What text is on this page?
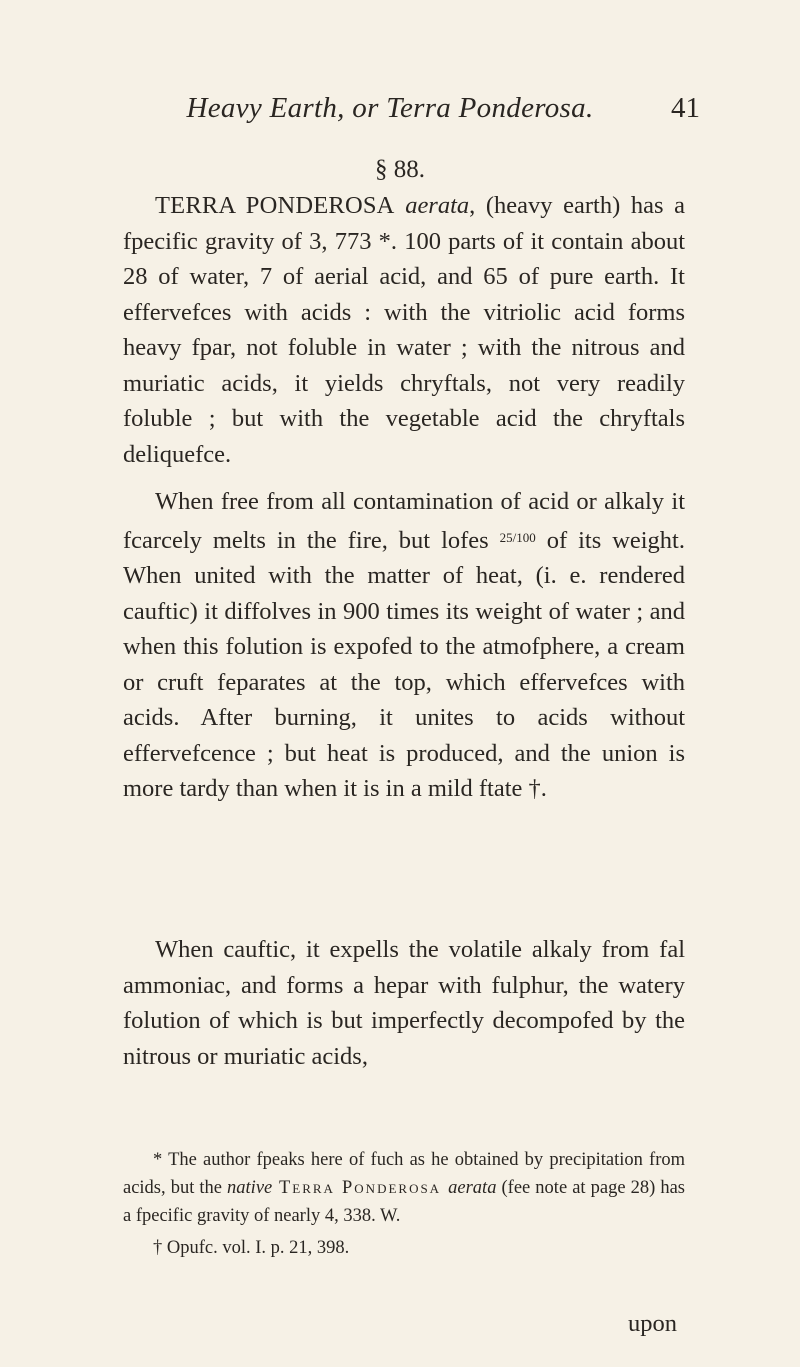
Heavy Earth, or Terra Ponderosa.	41
§ 88.

TERRA PONDEROSA aerata, (heavy earth) has a fpecific gravity of 3, 773 *. 100 parts of it contain about 28 of water, 7 of aerial acid, and 65 of pure earth. It effervefces with acids : with the vitriolic acid forms heavy fpar, not foluble in water ; with the nitrous and muriatic acids, it yields chryftals, not very readily foluble ; but with the vegetable acid the chryftals deliquefce.

When free from all contamination of acid or alkaly it fcarcely melts in the fire, but lofes $^{25/100}$ of its weight. When united with the matter of heat, (i. e. rendered cauftic) it diffolves in 900 times its weight of water ; and when this folution is expofed to the atmofphere, a cream or cruft feparates at the top, which effervefces with acids. After burning, it unites to acids without effervefcence ; but heat is produced, and the union is more tardy than when it is in a mild ftate †.

When cauftic, it expells the volatile alkaly from fal ammoniac, and forms a hepar with fulphur, the watery folution of which is but imperfectly decompofed by the nitrous or muriatic acids,

* The author fpeaks here of fuch as he obtained by precipitation from acids, but the native Terra Ponderosa aerata (fee note at page 28) has a fpecific gravity of nearly 4, 338. W.

† Opufc. vol. I. p. 21, 398.

upon
